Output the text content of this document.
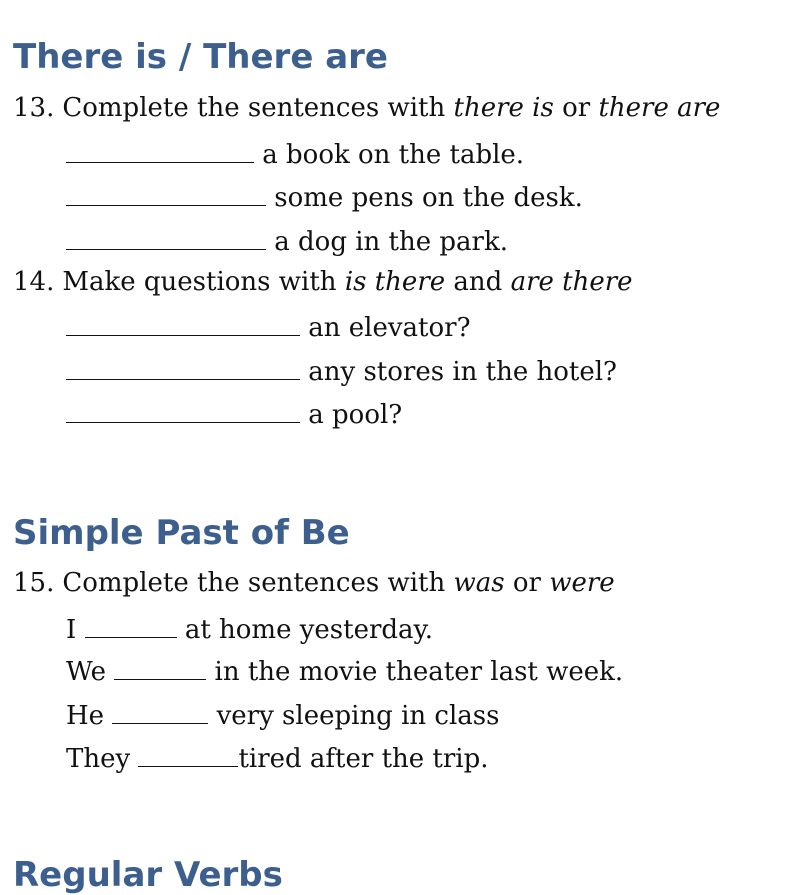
There is / There are
13. Complete the sentences with there is or there are
a book on the table.
some pens on the desk.
a dog in the park.
14. Make questions with is there and are there
an elevator?
any stores in the hotel?
a pool?
Simple Past of Be
15. Complete the sentences with was or were
I	at home yesterday.
We	in the movie theater last week.
He	very sleeping in class
They	tired after the trip.
Regular Verbs
